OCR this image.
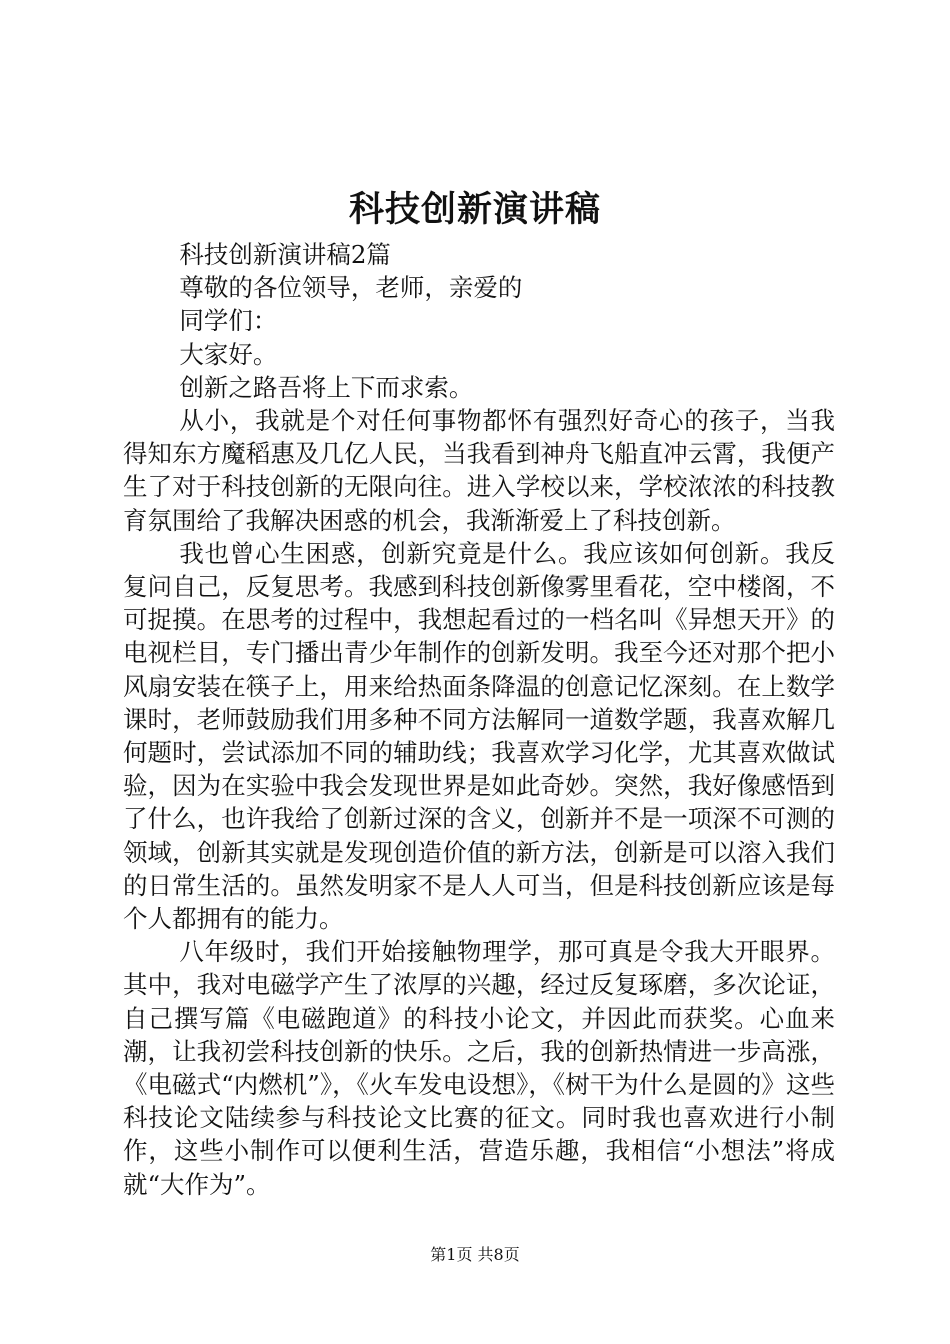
科技创新演讲稿

科技创新演讲稿2篇

尊敬的各位领导，老师，亲爱的

同学们：

大家好。

创新之路吾将上下而求索。

从小，我就是个对任何事物都怀有强烈好奇心的孩子，当我得知东方魔稻惠及几亿人民，当我看到神舟飞船直冲云霄，我便产生了对于科技创新的无限向往。进入学校以来，学校浓浓的科技教育氛围给了我解决困惑的机会，我渐渐爱上了科技创新。

我也曾心生困惑，创新究竟是什么。我应该如何创新。我反复问自己，反复思考。我感到科技创新像雾里看花，空中楼阁，不可捉摸。在思考的过程中，我想起看过的一档名叫《异想天开》的电视栏目，专门播出青少年制作的创新发明。我至今还对那个把小风扇安装在筷子上，用来给热面条降温的创意记忆深刻。在上数学课时，老师鼓励我们用多种不同方法解同一道数学题，我喜欢解几何题时，尝试添加不同的辅助线；我喜欢学习化学，尤其喜欢做试验，因为在实验中我会发现世界是如此奇妙。突然，我好像感悟到了什么，也许我给了创新过深的含义，创新并不是一项深不可测的领域，创新其实就是发现创造价值的新方法，创新是可以溶入我们的日常生活的。虽然发明家不是人人可当，但是科技创新应该是每个人都拥有的能力。

八年级时，我们开始接触物理学，那可真是令我大开眼界。其中，我对电磁学产生了浓厚的兴趣，经过反复琢磨，多次论证，自己撰写篇《电磁跑道》的科技小论文，并因此而获奖。心血来潮，让我初尝科技创新的快乐。之后，我的创新热情进一步高涨，《电磁式“内燃机”》，《火车发电设想》，《树干为什么是圆的》这些科技论文陆续参与科技论文比赛的征文。同时我也喜欢进行小制作，这些小制作可以便利生活，营造乐趣，我相信“小想法”将成就“大作为”。

第1页 共8页
